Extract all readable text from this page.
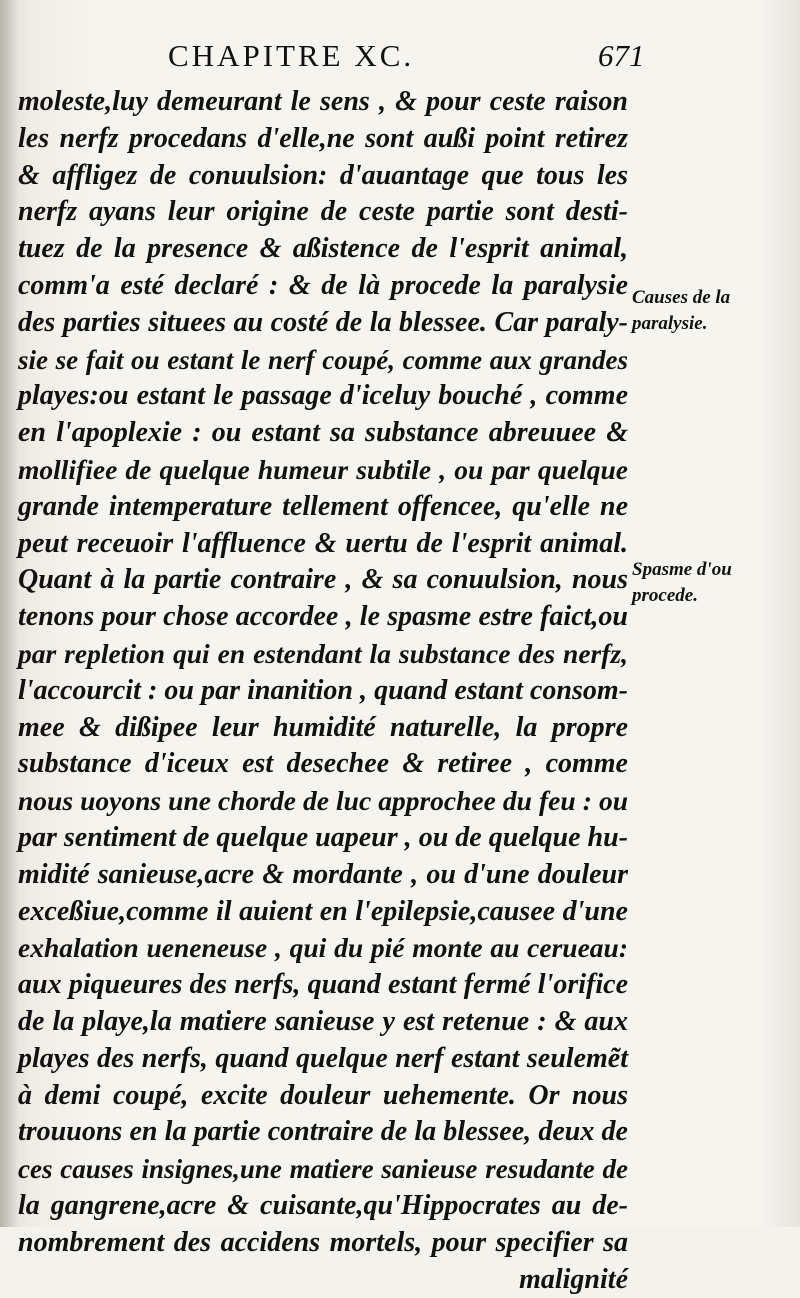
CHAPITRE XC.	671
moleste,luy demeurant le sens , & pour ceste raison
les nerfz procedans d'elle,ne sont außi point retirez
& affligez de conuulsion: d'auantage que tous les
nerfz ayans leur origine de ceste partie sont desti-
tuez de la presence & aßistence de l'esprit animal,
comm'a esté declaré : & de là procede la paralysie
des parties situees au costé de la blessee. Car paraly-
sie se fait ou estant le nerf coupé, comme aux grandes
playes:ou estant le passage d'iceluy bouché , comme
en l'apoplexie : ou estant sa substance abreuuee &
mollifiee de quelque humeur subtile , ou par quelque
grande intemperature tellement offencee, qu'elle ne
peut receuoir l'affluence & uertu de l'esprit animal.
Quant à la partie contraire , & sa conuulsion, nous
tenons pour chose accordee , le spasme estre faict,ou
par repletion qui en estendant la substance des nerfz,
l'accourcit : ou par inanition , quand estant consom-
mee & dißipee leur humidité naturelle, la propre
substance d'iceux est desechee & retiree , comme
nous uoyons une chorde de luc approchee du feu : ou
par sentiment de quelque uapeur , ou de quelque hu-
midité sanieuse,acre & mordante , ou d'une douleur
exceßiue,comme il auient en l'epilepsie,causee d'une
exhalation ueneneuse , qui du pié monte au cerueau:
aux piqueures des nerfs, quand estant fermé l'orifice
de la playe,la matiere sanieuse y est retenue : & aux
playes des nerfs, quand quelque nerf estant seulemẽt
à demi coupé, excite douleur uehemente. Or nous
trouuons en la partie contraire de la blessee, deux de
ces causes insignes,une matiere sanieuse resudante de
la gangrene,acre & cuisante,qu'Hippocrates au de-
nombrement des accidens mortels, pour specifier sa
malignité
Causes de la
paralysie.
Spasme d'ou
procede.
